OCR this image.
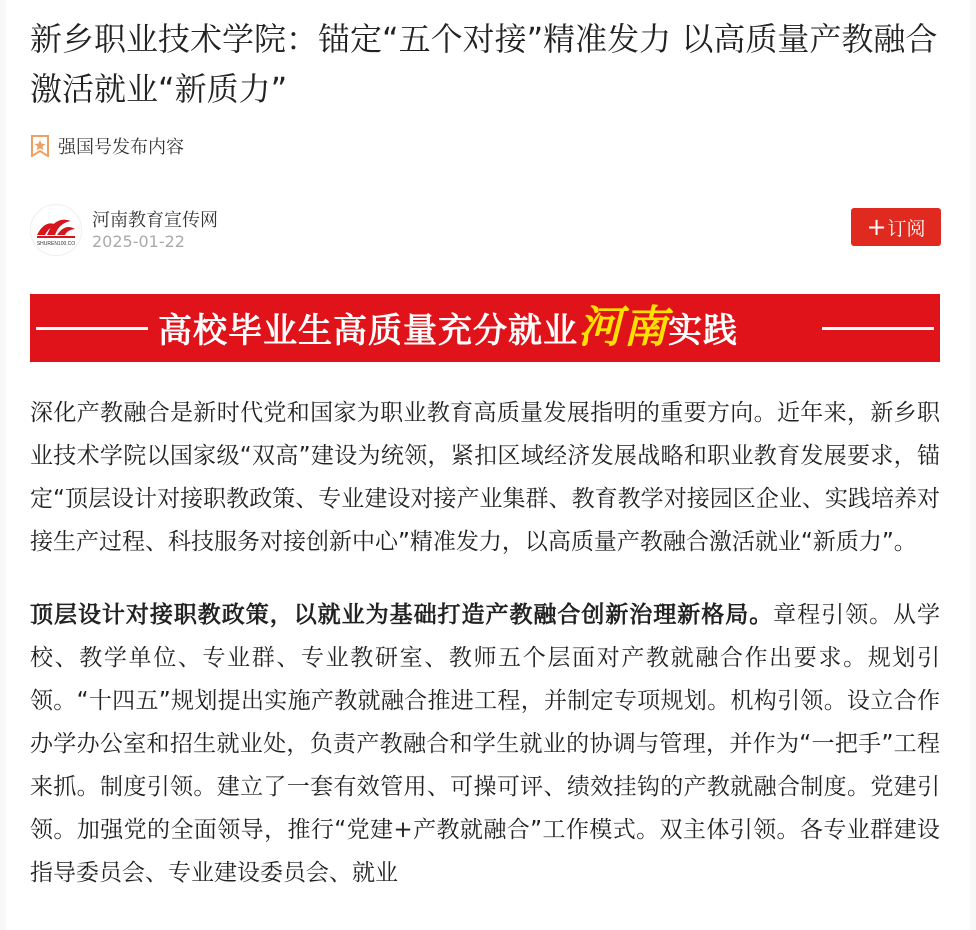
新乡职业技术学院：锚定“五个对接”精准发力 以高质量产教融合激活就业“新质力”
强国号发布内容
SHUREN100.CO
河南教育宣传网
2025-01-22
+ 订阅
高校毕业生高质量充分就业河南实践

深化产教融合是新时代党和国家为职业教育高质量发展指明的重要方向。近年来，新乡职业技术学院以国家级“双高”建设为统领，紧扣区域经济发展战略和职业教育发展要求，锚定“顶层设计对接职教政策、专业建设对接产业集群、教育教学对接园区企业、实践培养对接生产过程、科技服务对接创新中心”精准发力，以高质量产教融合激活就业“新质力”。

顶层设计对接职教政策，以就业为基础打造产教融合创新治理新格局。章程引领。从学校、教学单位、专业群、专业教研室、教师五个层面对产教就融合作出要求。规划引领。“十四五”规划提出实施产教就融合推进工程，并制定专项规划。机构引领。设立合作办学办公室和招生就业处，负责产教融合和学生就业的协调与管理，并作为“一把手”工程来抓。制度引领。建立了一套有效管用、可操可评、绩效挂钩的产教就融合制度。党建引领。加强党的全面领导，推行“党建+产教就融合”工作模式。双主体引领。各专业群建设指导委员会、专业建设委员会、就业
